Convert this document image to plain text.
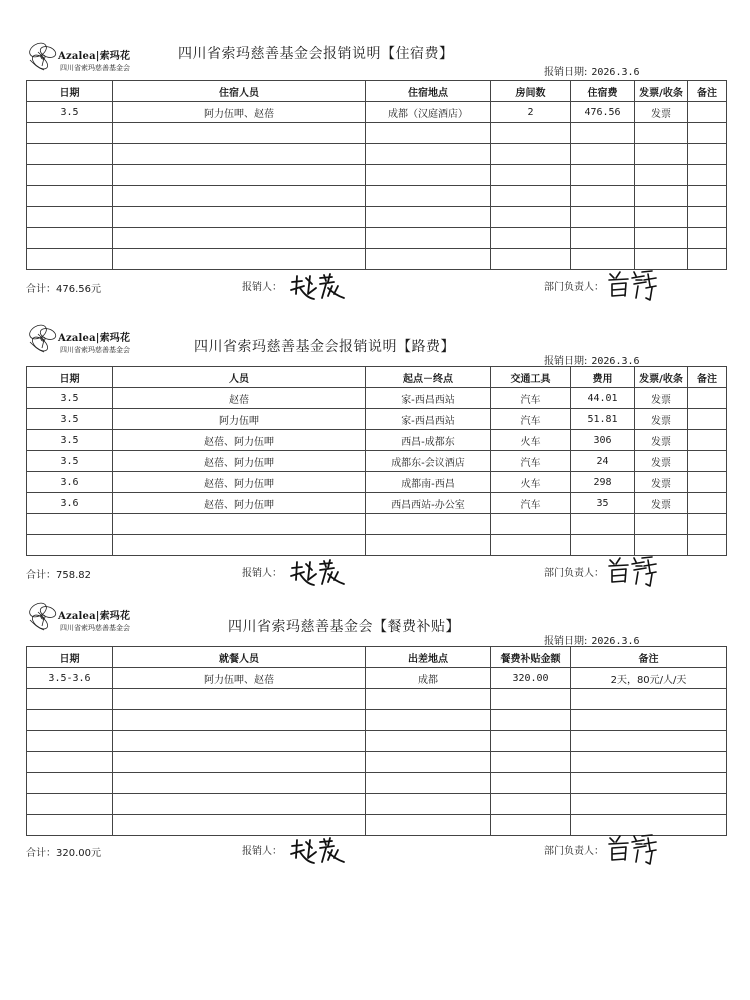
Azalea|索玛花
四川省索玛慈善基金会
四川省索玛慈善基金会报销说明【住宿费】
报销日期: 2026.3.6
日期	住宿人员	住宿地点	房间数	住宿费	发票/收条	备注
3.5	阿力伍呷、赵蓓	成都（汉庭酒店）	2	476.56	发票	

合计：476.56元	报销人：	部门负责人：
Azalea|索玛花
四川省索玛慈善基金会	四川省索玛慈善基金会报销说明【路费】
报销日期: 2026.3.6
日期	人员	起点－终点	交通工具	费用	发票/收条	备注
3.5	赵蓓	家-西昌西站	汽车	44.01	发票	
3.5	阿力伍呷	家-西昌西站	汽车	51.81	发票	
3.5	赵蓓、阿力伍呷	西昌-成都东	火车	306	发票	
3.5	赵蓓、阿力伍呷	成都东-会议酒店	汽车	24	发票	
3.6	赵蓓、阿力伍呷	成都南-西昌	火车	298	发票	
3.6	赵蓓、阿力伍呷	西昌西站-办公室	汽车	35	发票	

合计：758.82	报销人：	部门负责人：
Azalea|索玛花
四川省索玛慈善基金会	四川省索玛慈善基金会【餐费补贴】
报销日期: 2026.3.6
日期	就餐人员	出差地点	餐费补贴金额	备注
3.5-3.6	阿力伍呷、赵蓓	成都	320.00	2天，80元/人/天

合计：320.00元	报销人：	部门负责人：
